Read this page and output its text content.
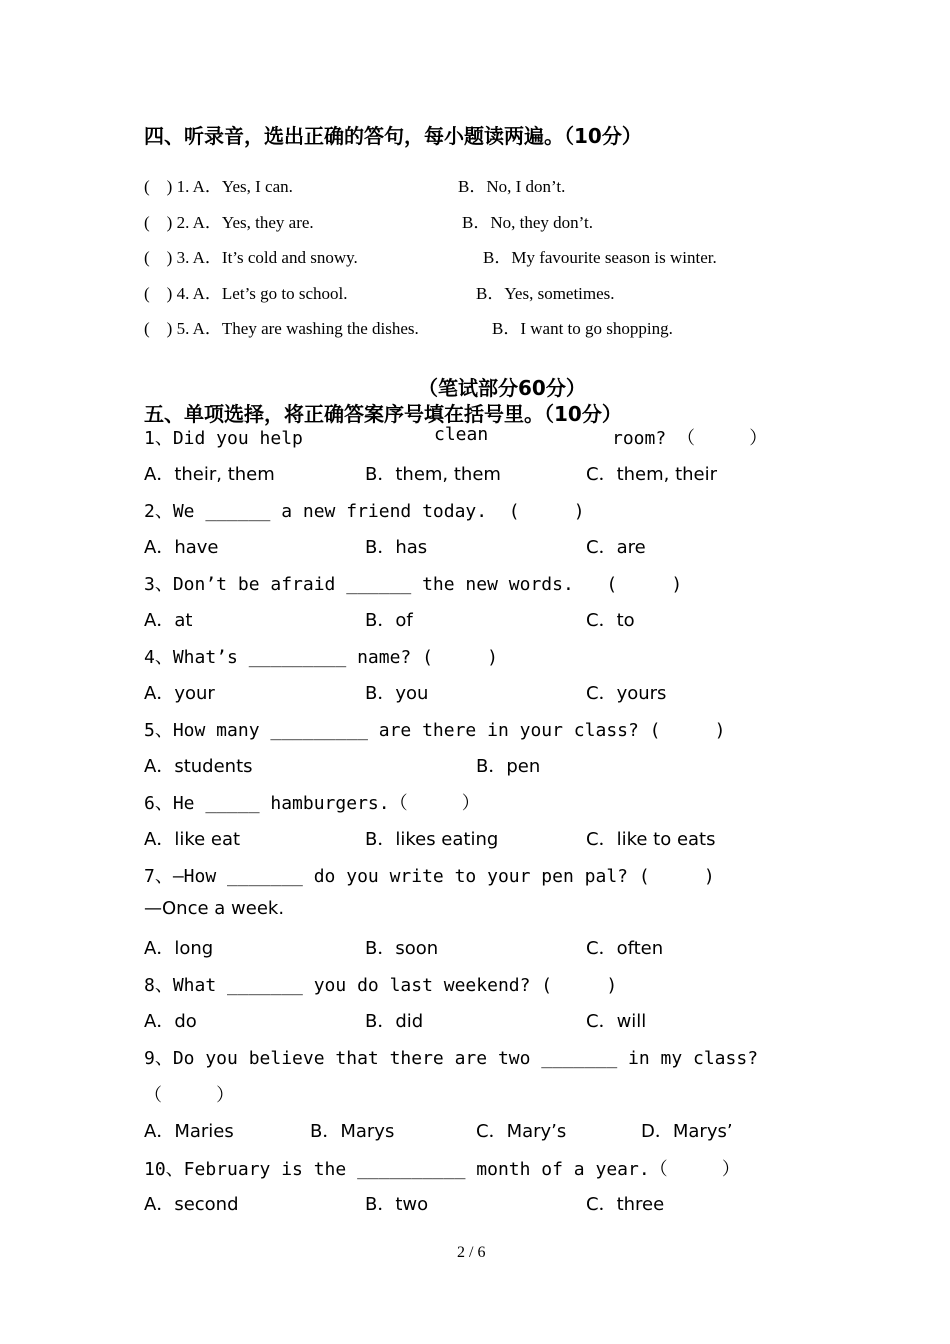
四、听录音，选出正确的答句，每小题读两遍。（10分）
(    ) 1. A．Yes, I can.	B．No, I don’t.
(    ) 2. A．Yes, they are.	B．No, they don’t.
(    ) 3. A．It’s cold and snowy.	B．My favourite season is winter.
(    ) 4. A．Let’s go to school.	B．Yes, sometimes.
(    ) 5. A．They are washing the dishes.	B．I want to go shopping.
（笔试部分60分）
五、单项选择，将正确答案序号填在括号里。（10分）
1、Did you help	clean	room? （     ）
A．their, them	B．them, them	C．them, their
2、We ______ a new friend today.  (     )
A．have	B．has	C．are
3、Don’t be afraid ______ the new words.   (     )
A．at	B．of	C．to
4、What’s _________ name? (     )
A．your	B．you	C．yours
5、How many _________ are there in your class? (     )
A．students	B．pen
6、He _____ hamburgers.（     ）
A．like eat	B．likes eating	C．like to eats
7、—How _______ do you write to your pen pal? (     )
—Once a week.
A．long	B．soon	C．often
8、What _______ you do last weekend? (     )
A．do	B．did	C．will
9、Do you believe that there are two _______ in my class?
（     ）
A．Maries	B．Marys	C．Mary’s	D．Marys’
10、February is the __________ month of a year.（     ）
A．second	B．two	C．three
2 / 6
